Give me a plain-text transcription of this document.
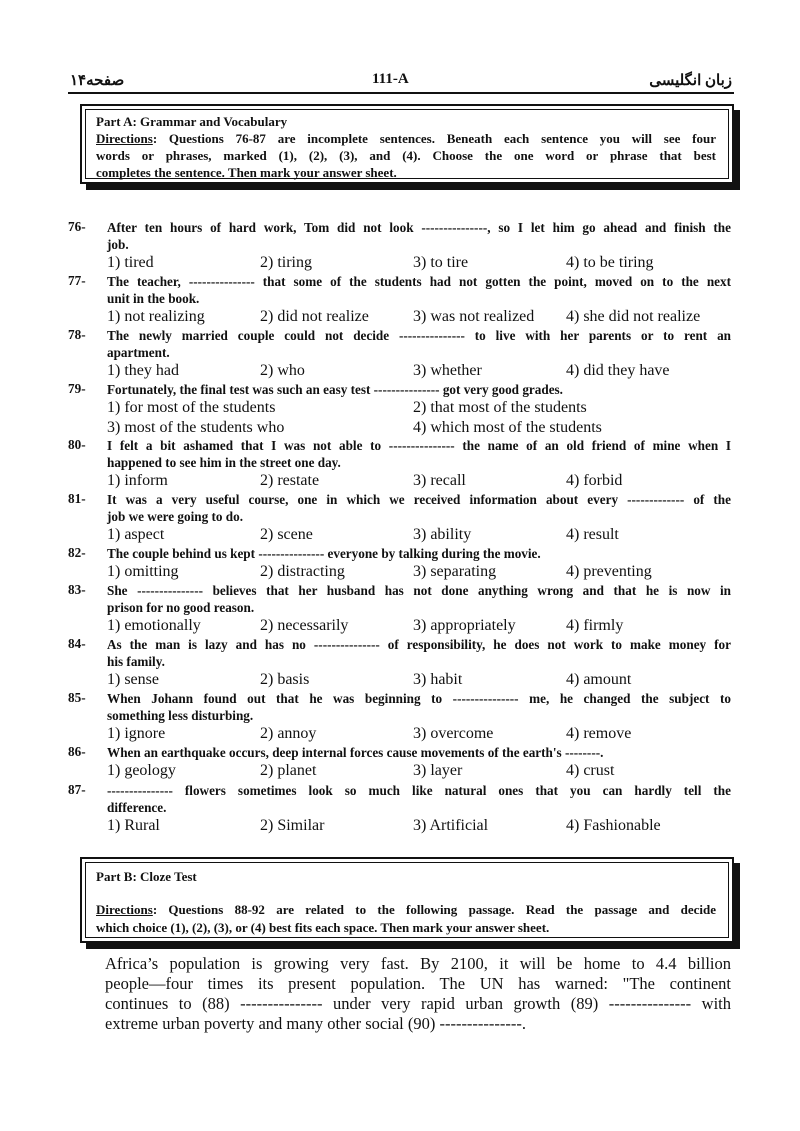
صفحه۱۴	111-A	زبان انگلیسی
Part A: Grammar and Vocabulary
Directions: Questions 76-87 are incomplete sentences. Beneath each sentence you will see four
words or phrases, marked (1), (2), (3), and (4). Choose the one word or phrase that best
completes the sentence. Then mark your answer sheet.
76- After ten hours of hard work, Tom did not look ---------------, so I let him go ahead and finish the
job.
1) tired	2) tiring	3) to tire	4) to be tiring
77- The teacher, --------------- that some of the students had not gotten the point, moved on to the next
unit in the book.
1) not realizing	2) did not realize	3) was not realized 4) she did not realize
78- The newly married couple could not decide --------------- to live with her parents or to rent an
apartment.
1) they had	2) who	3) whether	4) did they have
79- Fortunately, the final test was such an easy test --------------- got very good grades.
1) for most of the students	2) that most of the students
3) most of the students who	4) which most of the students
80- I felt a bit ashamed that I was not able to --------------- the name of an old friend of mine when I
happened to see him in the street one day.
1) inform	2) restate	3) recall	4) forbid
81- It was a very useful course, one in which we received information about every ------------- of the
job we were going to do.
1) aspect	2) scene	3) ability	4) result
82- The couple behind us kept --------------- everyone by talking during the movie.
1) omitting	2) distracting	3) separating	4) preventing
83- She --------------- believes that her husband has not done anything wrong and that he is now in
prison for no good reason.
1) emotionally	2) necessarily	3) appropriately	4) firmly
84- As the man is lazy and has no --------------- of responsibility, he does not work to make money for
his family.
1) sense	2) basis	3) habit	4) amount
85- When Johann found out that he was beginning to --------------- me, he changed the subject to
something less disturbing.
1) ignore	2) annoy	3) overcome	4) remove
86- When an earthquake occurs, deep internal forces cause movements of the earth's --------.
1) geology	2) planet	3) layer	4) crust
87- --------------- flowers sometimes look so much like natural ones that you can hardly tell the
difference.
1) Rural	2) Similar	3) Artificial	4) Fashionable
Part B: Cloze Test
Directions: Questions 88-92 are related to the following passage. Read the passage and decide
which choice (1), (2), (3), or (4) best fits each space. Then mark your answer sheet.
Africa’s population is growing very fast. By 2100, it will be home to 4.4 billion
people—four times its present population. The UN has warned: "The continent
continues to (88) --------------- under very rapid urban growth (89) --------------- with
extreme urban poverty and many other social (90) ---------------.
